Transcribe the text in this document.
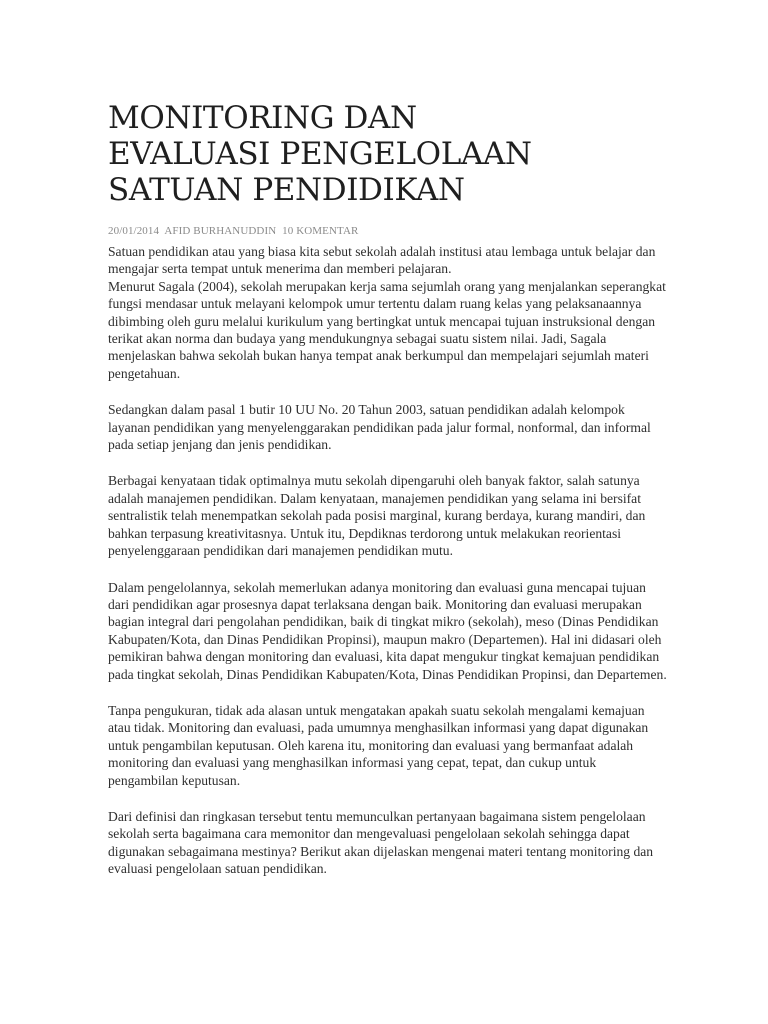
MONITORING DAN EVALUASI PENGELOLAAN SATUAN PENDIDIKAN
20/01/2014 AFID BURHANUDDIN 10 KOMENTAR

Satuan pendidikan atau yang biasa kita sebut sekolah adalah institusi atau lembaga untuk belajar dan mengajar serta tempat untuk menerima dan memberi pelajaran.

Menurut Sagala (2004), sekolah merupakan kerja sama sejumlah orang yang menjalankan seperangkat fungsi mendasar untuk melayani kelompok umur tertentu dalam ruang kelas yang pelaksanaannya dibimbing oleh guru melalui kurikulum yang bertingkat untuk mencapai tujuan instruksional dengan terikat akan norma dan budaya yang mendukungnya sebagai suatu sistem nilai. Jadi, Sagala menjelaskan bahwa sekolah bukan hanya tempat anak berkumpul dan mempelajari sejumlah materi pengetahuan.

Sedangkan dalam pasal 1 butir 10 UU No. 20 Tahun 2003, satuan pendidikan adalah kelompok layanan pendidikan yang menyelenggarakan pendidikan pada jalur formal, nonformal, dan informal pada setiap jenjang dan jenis pendidikan.

Berbagai kenyataan tidak optimalnya mutu sekolah dipengaruhi oleh banyak faktor, salah satunya adalah manajemen pendidikan. Dalam kenyataan, manajemen pendidikan yang selama ini bersifat sentralistik telah menempatkan sekolah pada posisi marginal, kurang berdaya, kurang mandiri, dan bahkan terpasung kreativitasnya. Untuk itu, Depdiknas terdorong untuk melakukan reorientasi penyelenggaraan pendidikan dari manajemen pendidikan mutu.

Dalam pengelolannya, sekolah memerlukan adanya monitoring dan evaluasi guna mencapai tujuan dari pendidikan agar prosesnya dapat terlaksana dengan baik. Monitoring dan evaluasi merupakan bagian integral dari pengolahan pendidikan, baik di tingkat mikro (sekolah), meso (Dinas Pendidikan Kabupaten/Kota, dan Dinas Pendidikan Propinsi), maupun makro (Departemen). Hal ini didasari oleh pemikiran bahwa dengan monitoring dan evaluasi, kita dapat mengukur tingkat kemajuan pendidikan pada tingkat sekolah, Dinas Pendidikan Kabupaten/Kota, Dinas Pendidikan Propinsi, dan Departemen.

Tanpa pengukuran, tidak ada alasan untuk mengatakan apakah suatu sekolah mengalami kemajuan atau tidak. Monitoring dan evaluasi, pada umumnya menghasilkan informasi yang dapat digunakan untuk pengambilan keputusan. Oleh karena itu, monitoring dan evaluasi yang bermanfaat adalah monitoring dan evaluasi yang menghasilkan informasi yang cepat, tepat, dan cukup untuk pengambilan keputusan.

Dari definisi dan ringkasan tersebut tentu memunculkan pertanyaan bagaimana sistem pengelolaan sekolah serta bagaimana cara memonitor dan mengevaluasi pengelolaan sekolah sehingga dapat digunakan sebagaimana mestinya? Berikut akan dijelaskan mengenai materi tentang monitoring dan evaluasi pengelolaan satuan pendidikan.
